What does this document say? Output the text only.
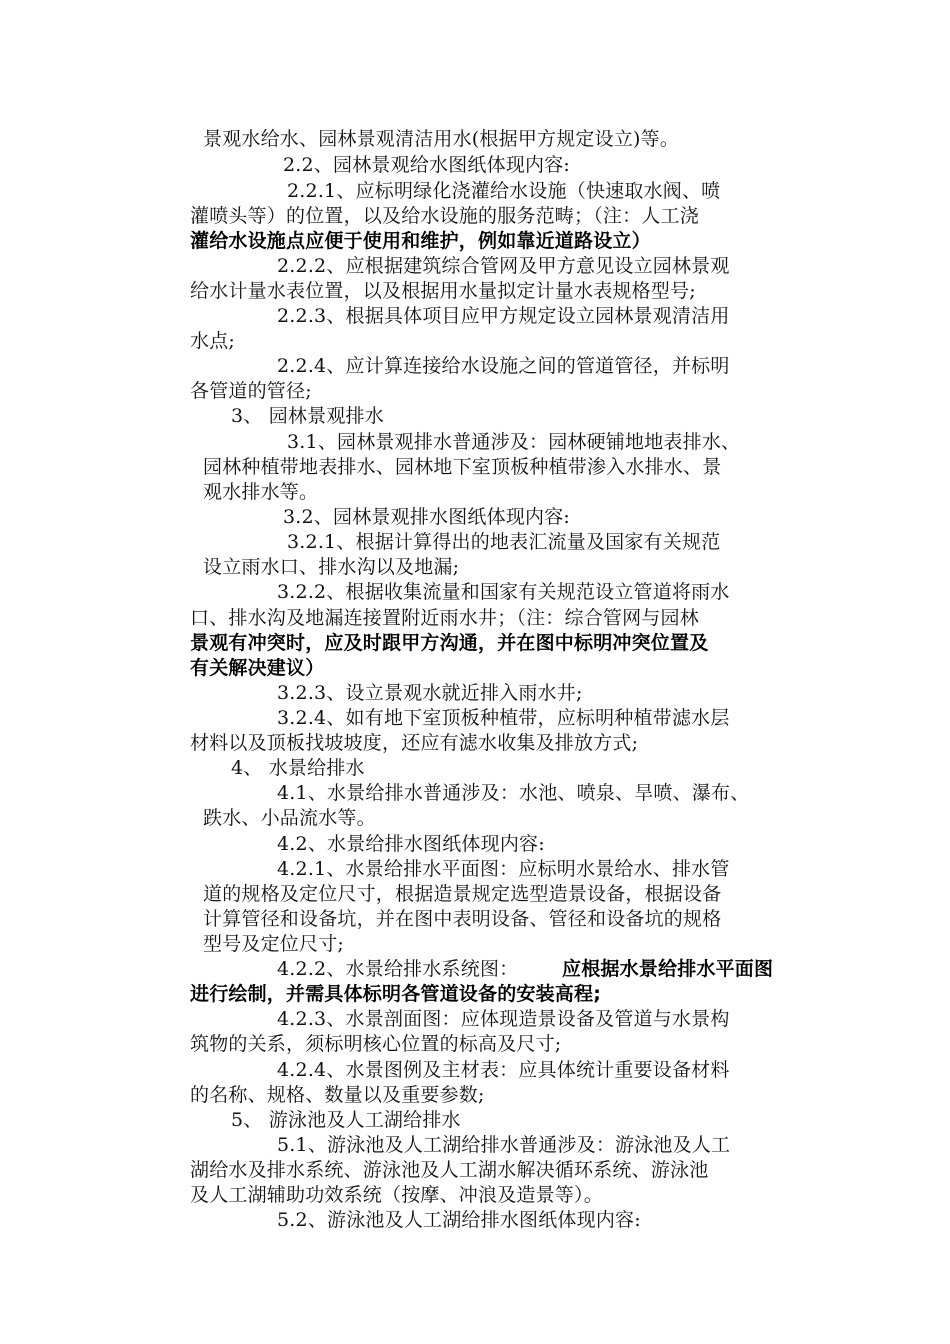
景观水给水、园林景观清洁用水(根据甲方规定设立)等。
2.2、园林景观给水图纸体现内容:
2.2.1、应标明绿化浇灌给水设施（快速取水阀、喷
灌喷头等）的位置，以及给水设施的服务范畴；（注：人工浇
灌给水设施点应便于使用和维护，例如靠近道路设立）
2.2.2、应根据建筑综合管网及甲方意见设立园林景观
给水计量水表位置，以及根据用水量拟定计量水表规格型号;
2.2.3、根据具体项目应甲方规定设立园林景观清洁用
水点;
2.2.4、应计算连接给水设施之间的管道管径，并标明
各管道的管径;
3、 园林景观排水
3.1、园林景观排水普通涉及：园林硬铺地地表排水、
园林种植带地表排水、园林地下室顶板种植带渗入水排水、景
观水排水等。
3.2、园林景观排水图纸体现内容:
3.2.1、根据计算得出的地表汇流量及国家有关规范
设立雨水口、排水沟以及地漏;
3.2.2、根据收集流量和国家有关规范设立管道将雨水
口、排水沟及地漏连接置附近雨水井；（注：综合管网与园林
景观有冲突时，应及时跟甲方沟通，并在图中标明冲突位置及
有关解决建议）
3.2.3、设立景观水就近排入雨水井;
3.2.4、如有地下室顶板种植带，应标明种植带滤水层
材料以及顶板找坡坡度，还应有滤水收集及排放方式;
4、 水景给排水
4.1、水景给排水普通涉及：水池、喷泉、旱喷、瀑布、
跌水、小品流水等。
4.2、水景给排水图纸体现内容:
4.2.1、水景给排水平面图：应标明水景给水、排水管
道的规格及定位尺寸，根据造景规定选型造景设备，根据设备
计算管径和设备坑，并在图中表明设备、管径和设备坑的规格
型号及定位尺寸;
4.2.2、水景给排水系统图： 应根据水景给排水平面图
进行绘制，并需具体标明各管道设备的安装高程;
4.2.3、水景剖面图：应体现造景设备及管道与水景构
筑物的关系，须标明核心位置的标高及尺寸;
4.2.4、水景图例及主材表：应具体统计重要设备材料
的名称、规格、数量以及重要参数;
5、 游泳池及人工湖给排水
5.1、游泳池及人工湖给排水普通涉及：游泳池及人工
湖给水及排水系统、游泳池及人工湖水解决循环系统、游泳池
及人工湖辅助功效系统（按摩、冲浪及造景等）。
5.2、游泳池及人工湖给排水图纸体现内容:
